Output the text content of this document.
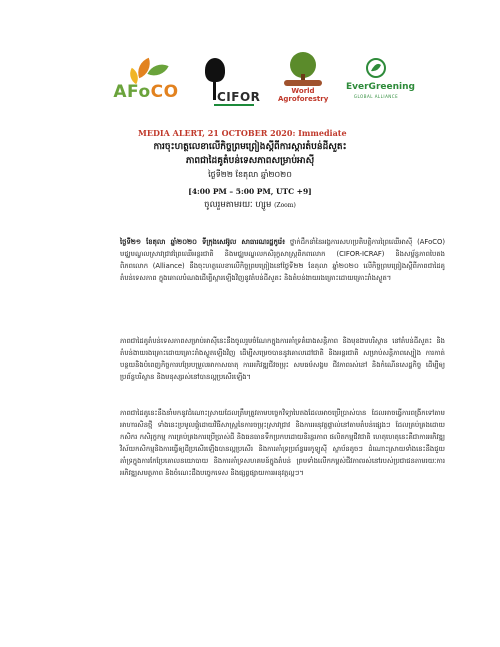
AFoCO	CIFOR	World
Agroforestry
EverGreening
GLOBAL ALLIANCE
MEDIA ALERT, 21 OCTOBER 2020: Immediate
ការចុះហត្ថលេខាលើកិច្ចព្រមព្រៀងស្តីពីការស្តារតំបន់ដីសួតះ
ភាពជាដៃគូតំបន់ទេសភាពសម្រាប់អាស៊ី
ថ្ងៃទី២២ ខែតុលា ឆ្នាំ២០២០
[4:00 PM – 5:00 PM, UTC +9]
ចូលរួមតាមរយៈ ហ្សូម (Zoom)
ថ្ងៃទី២១ ខែតុលា ឆ្នាំ២០២០ ទីក្រុងសេអ៊ូល សាធារណរដ្ឋកូរ៉េ៖ ថ្នាក់ដឹកនាំនៃអង្គការសហប្រតិបត្តិការព្រៃឈើអាស៊ី (AFoCO) មជ្ឈមណ្ឌលស្រាវជ្រាវព្រៃឈើអន្តរជាតិ និងមជ្ឈមណ្ឌលកសិរុក្ខសាស្ត្រពិភពលោក (CIFOR-ICRAF) និងសម្ព័ន្ធភាពបៃតងពិភពលោក (Alliance) នឹងចុះហត្ថលេខាលើកិច្ចព្រមព្រៀងនៅថ្ងៃទី២២ ខែតុលា ឆ្នាំ២០២០ លើកិច្ចព្រមព្រៀងស្តីពីភាពជាដៃគូតំបន់ទេសភាព ក្នុងគោលបំណងដើម្បីស្តារឡើងវិញនូវតំបន់ដីសួតះ និងតំបន់ងាយរងគ្រោះដោយគ្រោះរាំងស្ងួត។
ភាពជាដៃគូតំបន់ទេសភាពសម្រាប់អាស៊ីនេះនឹងចូលរួមចំណែកក្នុងការគាំទ្រគំរោងសន្តិភាព និងមុខងារបរិស្ថាន នៅតំបន់ដីសួតះ និងតំបន់ងាយរងគ្រោះដោយគ្រោះរាំងស្ងួតឡើងវិញ ដើម្បីសម្រេចបាននូវគោលដៅជាតិ និងអន្តរជាតិ សម្រាប់សន្តិភាពស្បៀង ការកាត់បន្ថយនិងបំពេញកិច្ចការបម្រែបម្រួលអាកាសធាតុ ការអភិវឌ្ឍជីវចម្រុះ សមធម៌សង្គម ជីវភាពរស់នៅ និងកំណើនសេដ្ឋកិច្ច ដើម្បីឲ្យប្រព័ន្ធបរិស្ថាន និងមនុស្សរស់នៅបានល្អប្រសើរឡើង។
ភាពជាដៃគូនេះនឹងនាំមកនូវដំណោះស្រាយដែលត្រឹមត្រូវតាមបច្ចេកវិទ្យាបៃតងដែលអាចប្រើប្រាស់បាន ដែលអាចធ្វើការពង្រីកទៅតាមអាហារសិនថ្មី ទាំងនេះប្រមូលផ្តុំដោយវិធីសាស្ត្រនៃការចម្រុះស្រាវជ្រាវ និងការអនុវត្តផ្ទាល់នៅតាមតំបន់ផ្សេងៗ ដែលគ្រប់គ្រងដោយកសិករ កសិរុក្ខកម្ម ការគ្រប់គ្រងការប្រើប្រាស់ដី និងធនធានទឹកប្រកបដោយនិរន្តរភាព ផលិតកម្មជីវជាតិ ហេតុហេតុនេះគឺជាការអភិវឌ្ឍវិស័យកសិកម្មនិងការធ្វើឲ្យដីប្រសើរឡើងបានល្អប្រសើរ និងការគាំទ្រប្រព័ន្ធអេកូឡូស៊ី ស្ថាប័នតូចៗ ដំណោះស្រាយទាំងនេះនឹងជួយគាំទ្រក្នុងការកែប្រែគោលនយោបាយ និងការគាំទ្រសហគមន៍ក្នុងតំបន់ ព្រមទាំងលើកកម្ពស់ជីវភាពរស់នៅរបស់ប្រជាជនតាមរយៈការអភិវឌ្ឍសមត្ថភាព និងចំណេះដឹងបច្ចេកទេស និងផ្សព្វផ្សាយការអនុវត្តល្អៗ។
